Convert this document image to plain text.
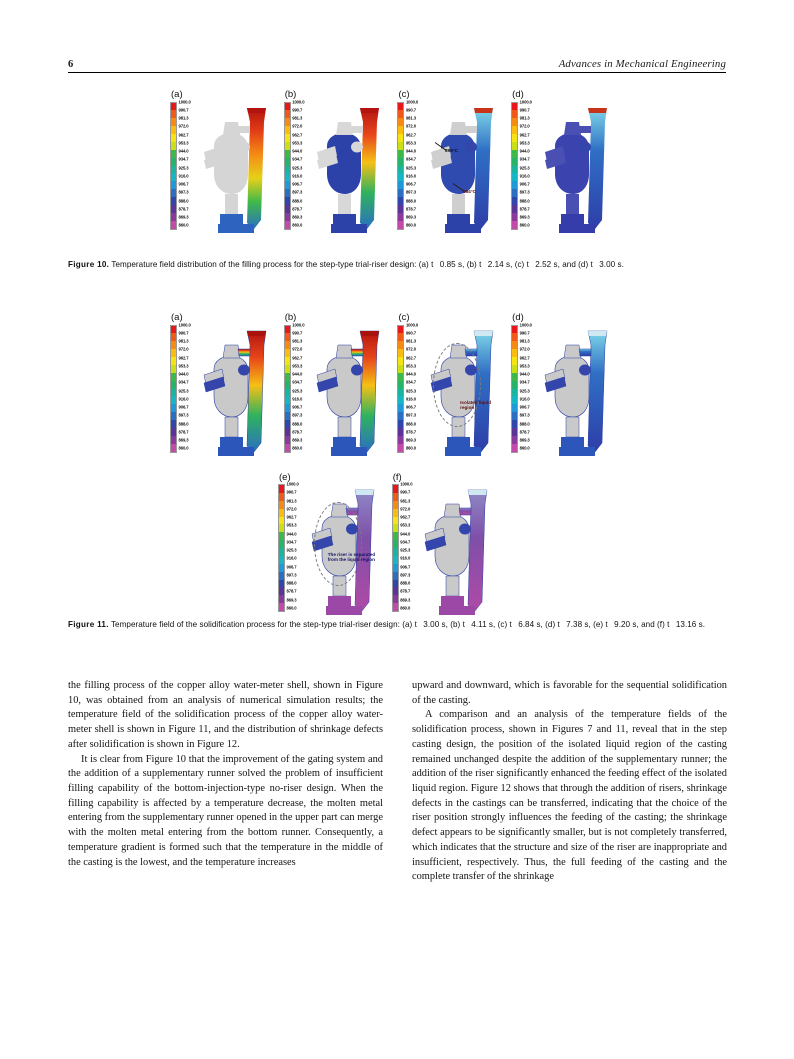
6	Advances in Mechanical Engineering
(a)
1000.0
990.7
981.3
972.0
962.7
953.3
944.0
934.7
925.3
916.0
906.7
897.3
888.0
878.7
869.3
860.0
(b)
1000.0
990.7
981.3
972.0
962.7
953.3
944.0
934.7
925.3
916.0
906.7
897.3
888.0
878.7
869.3
860.0
(c)
1000.0
990.7
981.3
972.0
962.7
953.3
944.0
934.7
925.3
916.0
906.7
897.3
888.0
878.7
869.3
860.0
899°C
854°C
(d)
1000.0
990.7
981.3
972.0
962.7
953.3
944.0
934.7
925.3
916.0
906.7
897.3
888.0
878.7
869.3
860.0
Figure 10. Temperature field distribution of the filling process for the step-type trial-riser design: (a) t  0.85 s, (b) t  2.14 s, (c) t  2.52 s, and (d) t  3.00 s.
(a)
1000.0
990.7
981.3
972.0
962.7
953.3
944.0
934.7
925.3
916.0
906.7
897.3
888.0
878.7
869.3
860.0
(b)
1000.0
990.7
981.3
972.0
962.7
953.3
944.0
934.7
925.3
916.0
906.7
897.3
888.0
878.7
869.3
860.0
(c)
1000.0
990.7
981.3
972.0
962.7
953.3
944.0
934.7
925.3
916.0
906.7
897.3
888.0
878.7
869.3
860.0
Isolated liquid
region
(d)
1000.0
990.7
981.3
972.0
962.7
953.3
944.0
934.7
925.3
916.0
906.7
897.3
888.0
878.7
869.3
860.0
(e)
1000.0
990.7
981.3
972.0
962.7
953.3
944.0
934.7
925.3
916.0
906.7
897.3
888.0
878.7
869.3
860.0
The riser is separated
from the liquid region
(f)
1000.0
990.7
981.3
972.0
962.7
953.3
944.0
934.7
925.3
916.0
906.7
897.3
888.0
878.7
869.3
860.0
Figure 11. Temperature field of the solidification process for the step-type trial-riser design: (a) t  3.00 s, (b) t  4.11 s, (c) t  6.84 s, (d) t  7.38 s, (e) t  9.20 s, and (f) t  13.16 s.

the filling process of the copper alloy water-meter shell, shown in Figure 10, was obtained from an analysis of numerical simulation results; the temperature field of the solidification process of the copper alloy water-meter shell is shown in Figure 11, and the distribution of shrinkage defects after solidification is shown in Figure 12.

It is clear from Figure 10 that the improvement of the gating system and the addition of a supplementary runner solved the problem of insufficient filling capability of the bottom-injection-type no-riser design. When the filling capability is affected by a temperature decrease, the molten metal entering from the supplementary runner opened in the upper part can merge with the molten metal entering from the bottom runner. Consequently, a temperature gradient is formed such that the temperature in the middle of the casting is the lowest, and the temperature increases

upward and downward, which is favorable for the sequential solidification of the casting.

A comparison and an analysis of the temperature fields of the solidification process, shown in Figures 7 and 11, reveal that in the step casting design, the position of the isolated liquid region of the casting remained unchanged despite the addition of the supplementary runner; the addition of the riser significantly enhanced the feeding effect of the isolated liquid region. Figure 12 shows that through the addition of risers, shrinkage defects in the castings can be transferred, indicating that the choice of the riser position strongly influences the feeding of the casting; the shrinkage defect appears to be significantly smaller, but is not completely transferred, which indicates that the structure and size of the riser are inappropriate and insufficient, respectively. Thus, the full feeding of the casting and the complete transfer of the shrinkage
